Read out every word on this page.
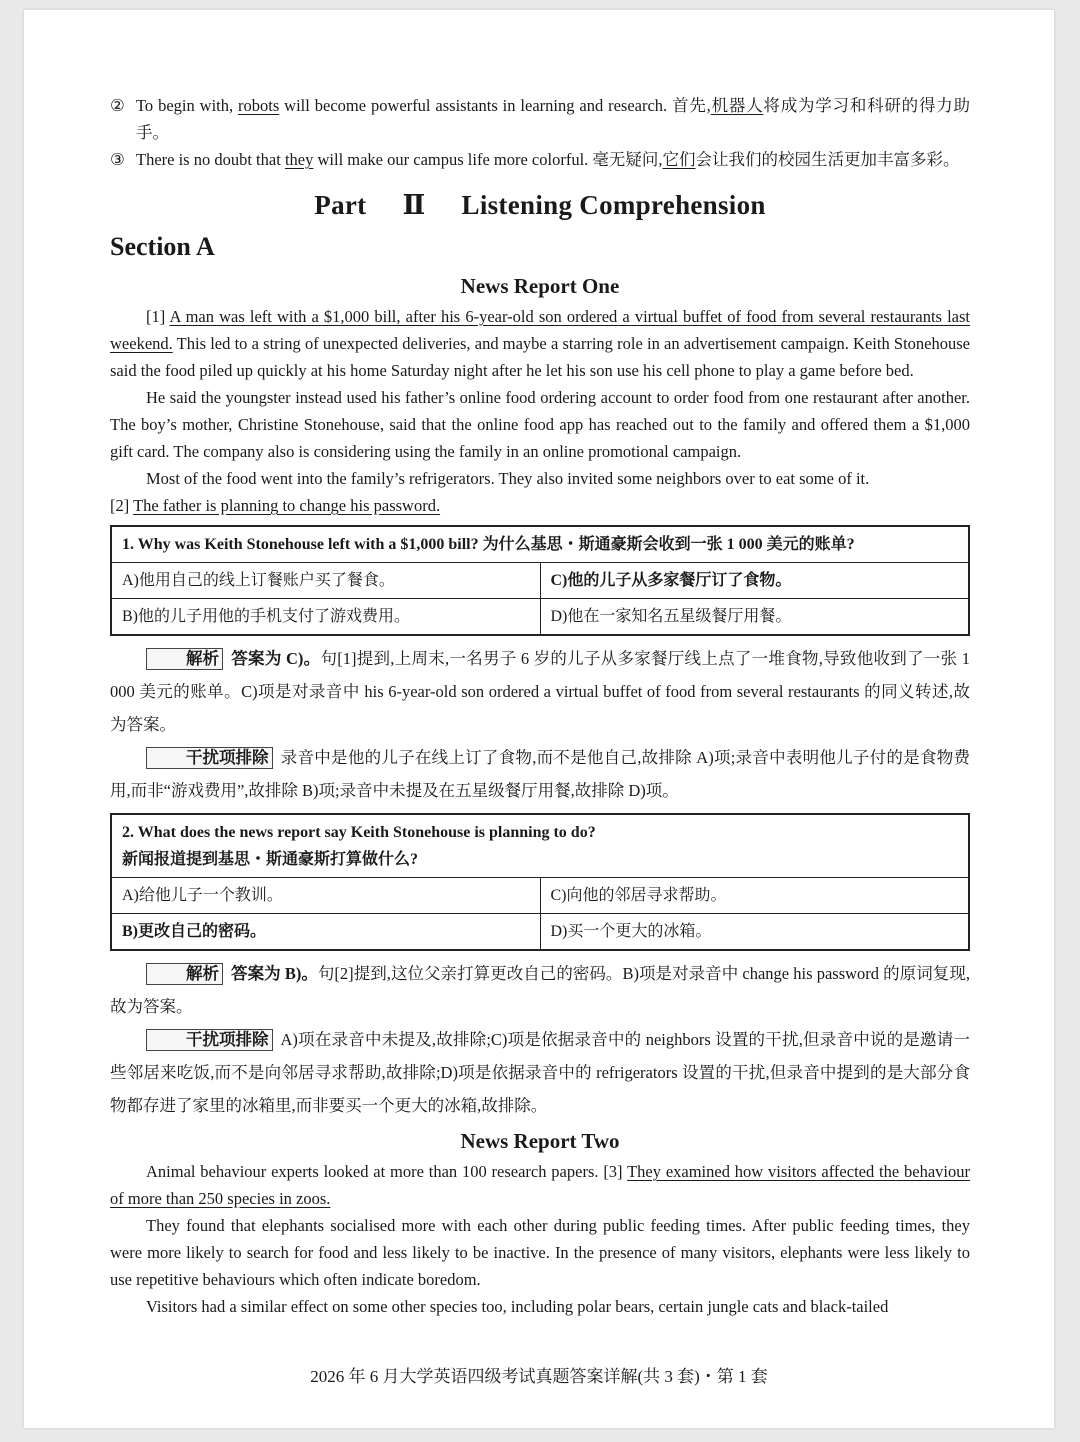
② To begin with, robots will become powerful assistants in learning and research. 首先,机器人将成为学习和科研的得力助手。
③ There is no doubt that they will make our campus life more colorful. 毫无疑问,它们会让我们的校园生活更加丰富多彩。
Part Ⅱ Listening Comprehension
Section A
News Report One

[1] A man was left with a $1,000 bill, after his 6-year-old son ordered a virtual buffet of food from several restaurants last weekend. This led to a string of unexpected deliveries, and maybe a starring role in an advertisement campaign. Keith Stonehouse said the food piled up quickly at his home Saturday night after he let his son use his cell phone to play a game before bed.

He said the youngster instead used his father’s online food ordering account to order food from one restaurant after another. The boy’s mother, Christine Stonehouse, said that the online food app has reached out to the family and offered them a $1,000 gift card. The company also is considering using the family in an online promotional campaign.

Most of the food went into the family’s refrigerators. They also invited some neighbors over to eat some of it.

[2] The father is planning to change his password.

1. Why was Keith Stonehouse left with a $1,000 bill? 为什么基思・斯通豪斯会收到一张 1 000 美元的账单?	
A)他用自己的线上订餐账户买了餐食。	C)他的儿子从多家餐厅订了食物。
B)他的儿子用他的手机支付了游戏费用。	D)他在一家知名五星级餐厅用餐。

解析 答案为 C)。句[1]提到,上周末,一名男子 6 岁的儿子从多家餐厅线上点了一堆食物,导致他收到了一张 1 000 美元的账单。C)项是对录音中 his 6-year-old son ordered a virtual buffet of food from several restaurants 的同义转述,故为答案。

干扰项排除 录音中是他的儿子在线上订了食物,而不是他自己,故排除 A)项;录音中表明他儿子付的是食物费用,而非“游戏费用”,故排除 B)项;录音中未提及在五星级餐厅用餐,故排除 D)项。

2. What does the news report say Keith Stonehouse is planning to do?
新闻报道提到基思・斯通豪斯打算做什么?	

A)给他儿子一个教训。	C)向他的邻居寻求帮助。
B)更改自己的密码。	D)买一个更大的冰箱。

解析 答案为 B)。句[2]提到,这位父亲打算更改自己的密码。B)项是对录音中 change his password 的原词复现,故为答案。

干扰项排除 A)项在录音中未提及,故排除;C)项是依据录音中的 neighbors 设置的干扰,但录音中说的是邀请一些邻居来吃饭,而不是向邻居寻求帮助,故排除;D)项是依据录音中的 refrigerators 设置的干扰,但录音中提到的是大部分食物都存进了家里的冰箱里,而非要买一个更大的冰箱,故排除。

News Report Two

Animal behaviour experts looked at more than 100 research papers. [3] They examined how visitors affected the behaviour of more than 250 species in zoos.

They found that elephants socialised more with each other during public feeding times. After public feeding times, they were more likely to search for food and less likely to be inactive. In the presence of many visitors, elephants were less likely to use repetitive behaviours which often indicate boredom.

Visitors had a similar effect on some other species too, including polar bears, certain jungle cats and black-tailed

2026 年 6 月大学英语四级考试真题答案详解(共 3 套)・第 1 套
